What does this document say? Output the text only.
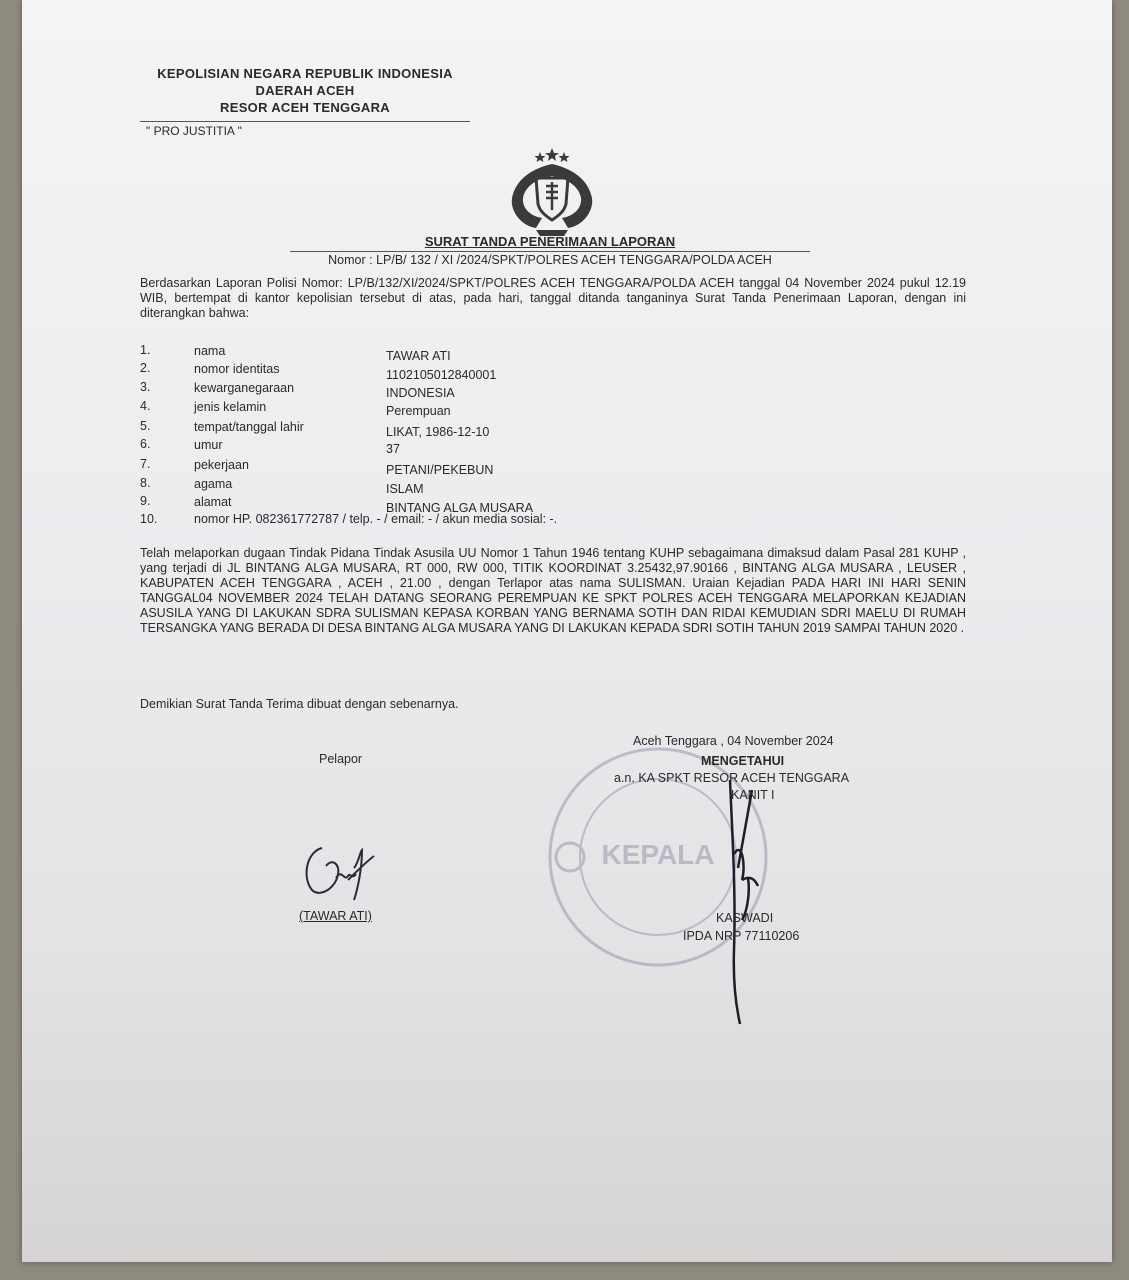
KEPOLISIAN NEGARA REPUBLIK INDONESIA
DAERAH ACEH
RESOR ACEH TENGGARA
" PRO JUSTITIA "
SURAT TANDA PENERIMAAN LAPORAN
Nomor : LP/B/ 132 / XI /2024/SPKT/POLRES ACEH TENGGARA/POLDA ACEH
Berdasarkan Laporan Polisi Nomor: LP/B/132/XI/2024/SPKT/POLRES ACEH TENGGARA/POLDA ACEH tanggal 04 November 2024 pukul 12.19 WIB, bertempat di kantor kepolisian tersebut di atas, pada hari, tanggal ditanda tanganinya Surat Tanda Penerimaan Laporan, dengan ini diterangkan bahwa:
1.	nama	TAWAR ATI
2.	nomor identitas	1102105012840001
3.	kewarganegaraan	INDONESIA
4.	jenis kelamin	Perempuan
5.	tempat/tanggal lahir	LIKAT, 1986-12-10
6.	umur	37
7.	pekerjaan	PETANI/PEKEBUN
8.	agama	ISLAM
9.	alamat	BINTANG ALGA MUSARA
10.	nomor HP. 082361772787 / telp. - / email: - / akun media sosial: -.
Telah melaporkan dugaan Tindak Pidana Tindak Asusila UU Nomor 1 Tahun 1946 tentang KUHP sebagaimana dimaksud dalam Pasal 281 KUHP , yang terjadi di JL BINTANG ALGA MUSARA, RT 000, RW 000, TITIK KOORDINAT 3.25432,97.90166 , BINTANG ALGA MUSARA , LEUSER , KABUPATEN ACEH TENGGARA , ACEH , 21.00 , dengan Terlapor atas nama SULISMAN. Uraian Kejadian PADA HARI INI HARI SENIN TANGGAL04 NOVEMBER 2024 TELAH DATANG SEORANG PEREMPUAN KE SPKT POLRES ACEH TENGGARA MELAPORKAN KEJADIAN ASUSILA YANG DI LAKUKAN SDRA SULISMAN KEPASA KORBAN YANG BERNAMA SOTIH DAN RIDAI KEMUDIAN SDRI MAELU DI RUMAH TERSANGKA YANG BERADA DI DESA BINTANG ALGA MUSARA YANG DI LAKUKAN KEPADA SDRI SOTIH TAHUN 2019 SAMPAI TAHUN 2020 .
Demikian Surat Tanda Terima dibuat dengan sebenarnya.
KEPALA
Aceh Tenggara , 04 November 2024
Pelapor	MENGETAHUI
a.n. KA SPKT RESOR ACEH TENGGARA
KANIT I
(TAWAR ATI)	KASWADI
IPDA NRP 77110206
